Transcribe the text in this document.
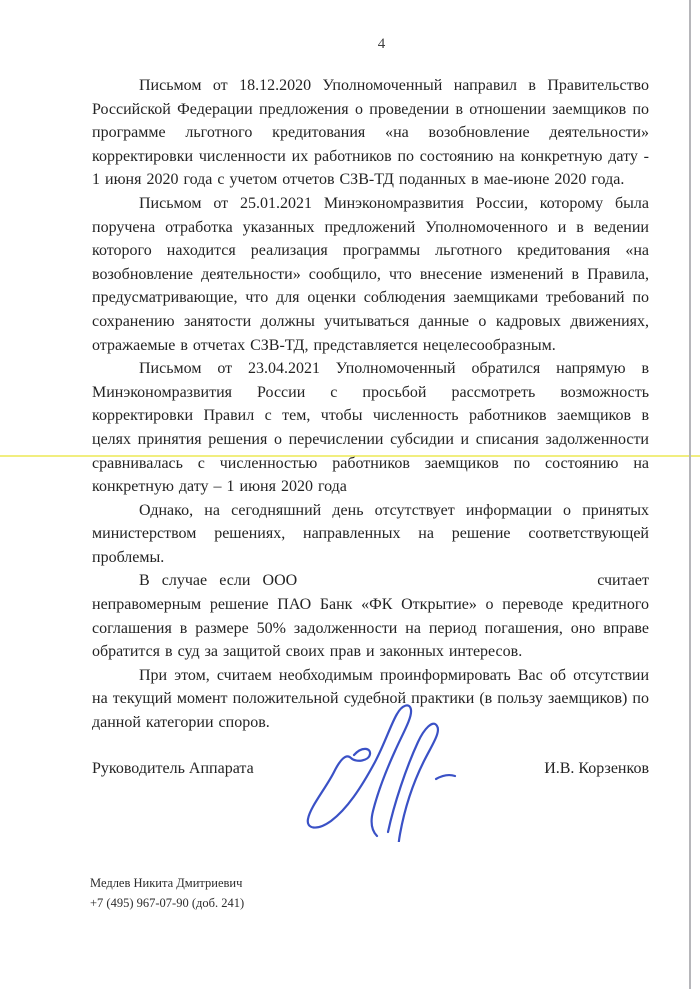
4

Письмом от 18.12.2020 Уполномоченный направил в Правительство Российской Федерации предложения о проведении в отношении заемщиков по программе льготного кредитования «на возобновление деятельности» корректировки численности их работников по состоянию на конкретную дату - 1 июня 2020 года с учетом отчетов СЗВ-ТД поданных в мае-июне 2020 года.

Письмом от 25.01.2021 Минэкономразвития России, которому была поручена отработка указанных предложений Уполномоченного и в ведении которого находится реализация программы льготного кредитования «на возобновление деятельности» сообщило, что внесение изменений в Правила, предусматривающие, что для оценки соблюдения заемщиками требований по сохранению занятости должны учитываться данные о кадровых движениях, отражаемые в отчетах СЗВ-ТД, представляется нецелесообразным.

Письмом от 23.04.2021 Уполномоченный обратился напрямую в Минэкономразвития России с просьбой рассмотреть возможность корректировки Правил с тем, чтобы численность работников заемщиков в целях принятия решения о перечислении субсидии и списания задолженности сравнивалась с численностью работников заемщиков по состоянию на конкретную дату – 1 июня 2020 года

Однако, на сегодняшний день отсутствует информации о принятых министерством решениях, направленных на решение соответствующей проблемы.

В случае если ООО	считает неправомерным решение ПАО Банк «ФК Открытие» о переводе кредитного соглашения в размере 50% задолженности на период погашения, оно вправе обратится в суд за защитой своих прав и законных интересов.

При этом, считаем необходимым проинформировать Вас об отсутствии на текущий момент положительной судебной практики (в пользу заемщиков) по данной категории споров.

Руководитель Аппарата	И.В. Корзенков
Медлев Никита Дмитриевич
+7 (495) 967-07-90 (доб. 241)
